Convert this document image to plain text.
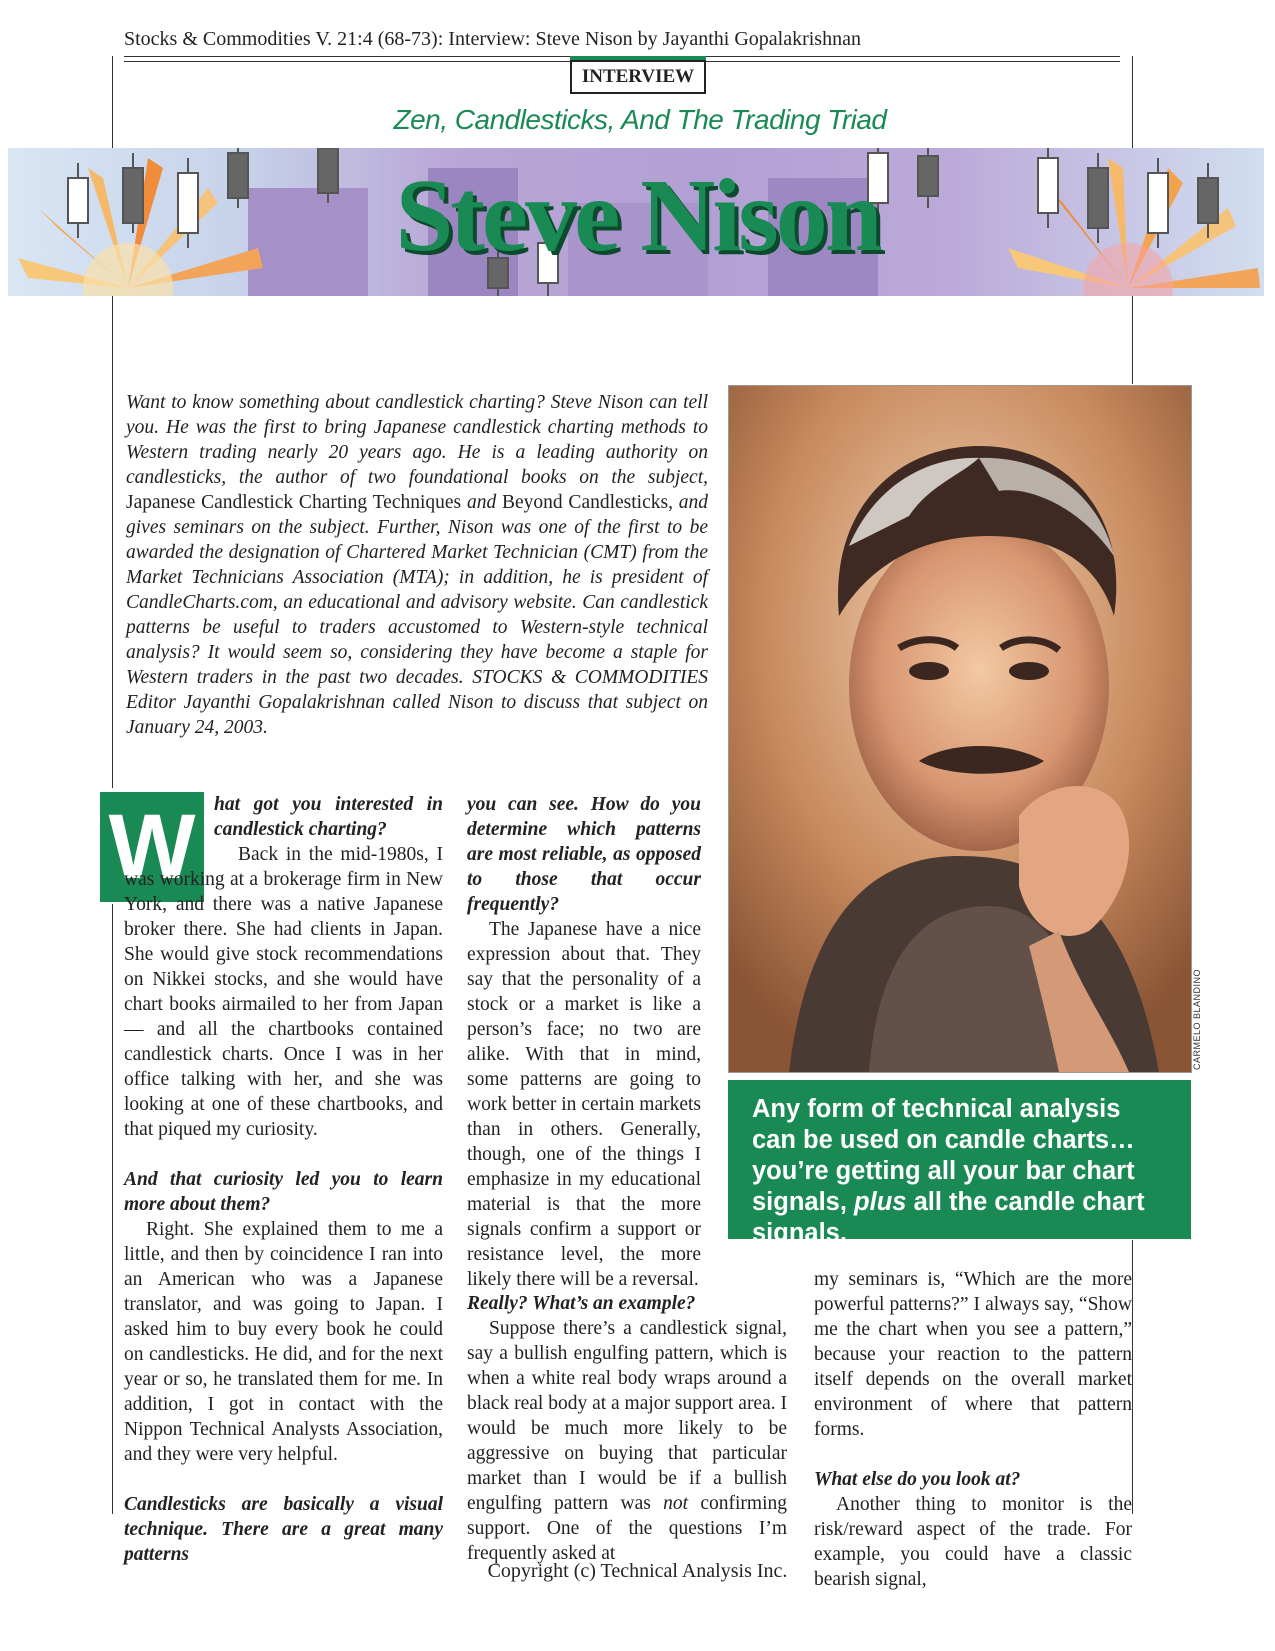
Stocks & Commodities V. 21:4 (68-73): Interview: Steve Nison by Jayanthi Gopalakrishnan
INTERVIEW
Zen, Candlesticks, And The Trading Triad
Steve Nison
Want to know something about candlestick charting? Steve Nison can tell you. He was the first to bring Japanese candlestick charting methods to Western trading nearly 20 years ago. He is a leading authority on candlesticks, the author of two foundational books on the subject, Japanese Candlestick Charting Techniques and Beyond Candlesticks, and gives seminars on the subject. Further, Nison was one of the first to be awarded the designation of Chartered Market Technician (CMT) from the Market Technicians Association (MTA); in addition, he is president of CandleCharts.com, an educational and advisory website. Can candlestick patterns be useful to traders accustomed to Western-style technical analysis? It would seem so, considering they have become a staple for Western traders in the past two decades. STOCKS & COMMODITIES Editor Jayanthi Gopalakrishnan called Nison to discuss that subject on January 24, 2003.
CARMELO BLANDINO
Any form of technical analysis can be used on candle charts… you’re getting all your bar chart signals, plus all the candle chart signals.
W hat got you interested in candlestick charting?

Back in the mid-1980s, I was working at a brokerage firm in New York, and there was a native Japanese broker there. She had clients in Japan. She would give stock recommendations on Nikkei stocks, and she would have chart books airmailed to her from Japan — and all the chartbooks contained candlestick charts. Once I was in her office talking with her, and she was looking at one of these chartbooks, and that piqued my curiosity.

And that curiosity led you to learn more about them?

Right. She explained them to me a little, and then by coincidence I ran into an American who was a Japanese translator, and was going to Japan. I asked him to buy every book he could on candlesticks. He did, and for the next year or so, he translated them for me. In addition, I got in contact with the Nippon Technical Analysts Association, and they were very helpful.

Candlesticks are basically a visual technique. There are a great many patterns

you can see. How do you determine which patterns are most reliable, as opposed to those that occur frequently?

The Japanese have a nice expression about that. They say that the personality of a stock or a market is like a person’s face; no two are alike. With that in mind, some patterns are going to work better in certain markets than in others. Generally, though, one of the things I emphasize in my educational material is that the more signals confirm a support or resistance level, the more likely there will be a reversal.

Really? What’s an example?

Suppose there’s a candlestick signal, say a bullish engulfing pattern, which is when a white real body wraps around a black real body at a major support area. I would be much more likely to be aggressive on buying that particular market than I would be if a bullish engulfing pattern was not confirming support. One of the questions I’m frequently asked at

my seminars is, “Which are the more powerful patterns?” I always say, “Show me the chart when you see a pattern,” because your reaction to the pattern itself depends on the overall market environment of where that pattern forms.

What else do you look at?

Another thing to monitor is the risk/reward aspect of the trade. For example, you could have a classic bearish signal,

Copyright (c) Technical Analysis Inc.
